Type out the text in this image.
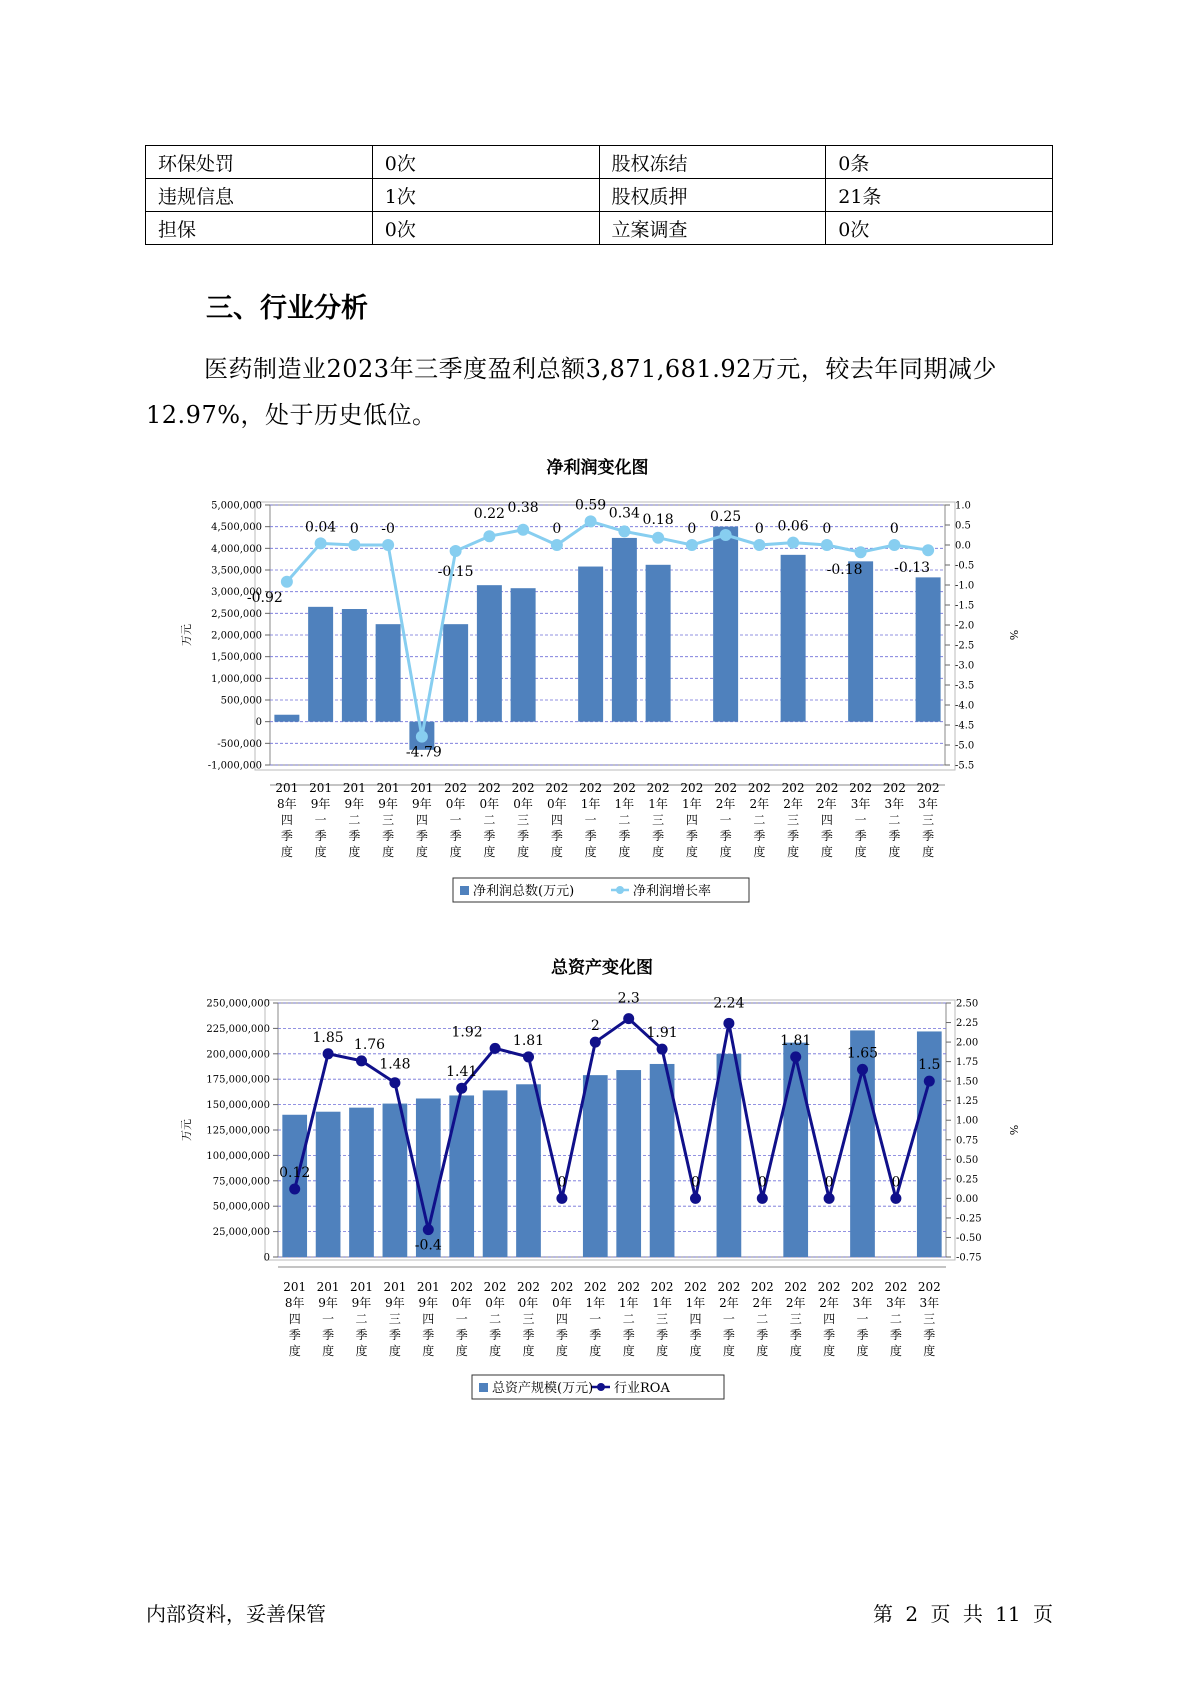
环保处罚	0次	股权冻结	0条
违规信息	1次	股权质押	21条
担保	0次	立案调查	0次
三、行业分析
医药制造业2023年三季度盈利总额3,871,681.92万元，较去年同期减少12.97%，处于历史低位。
净利润变化图
5,000,000
4,500,000
4,000,000
3,500,000
3,000,000
2,500,000
2,000,000
1,500,000
1,000,000
500,000
0
-500,000
-1,000,000
1.0
0.5
0.0
-0.5
-1.0
-1.5
-2.0
-2.5
-3.0
-3.5
-4.0
-4.5
-5.0
-5.5
万元	%
-0.92
0.04 0 -0
-4.79
-0.15
0.22 0.38
0
0.59 0.34 0.18
0
0.25
0 0.06 0
-0.18
0
-0.13
201
8年
四
季
度
201
9年
一
季
度
201
9年
二
季
度
201
9年
三
季
度
201
9年
四
季
度
202
0年
一
季
度
202
0年
二
季
度
202
0年
三
季
度
202
0年
四
季
度
202
1年
一
季
度
202
1年
二
季
度
202
1年
三
季
度
202
1年
四
季
度
202
2年
一
季
度
202
2年
二
季
度
202
2年
三
季
度
202
2年
四
季
度
202
3年
一
季
度
202
3年
二
季
度
202
3年
三
季
度
净利润总数(万元)	净利润增长率
总资产变化图
250,000,000
225,000,000
200,000,000
175,000,000
150,000,000
125,000,000
100,000,000
75,000,000
50,000,000
25,000,000
0
2.50
2.25
2.00
1.75
1.50
1.25
1.00
0.75
0.50
0.25
0.00
-0.25
-0.50
-0.75
万元	%
0.12
1.85 1.76
1.48
-0.4
1.41
1.92
1.81
0
2
2.3
1.91
0
2.24
0
1.81
0
1.65
0
1.5
201
8年
四
季
度
201
9年
一
季
度
201
9年
二
季
度
201
9年
三
季
度
201
9年
四
季
度
202
0年
一
季
度
202
0年
二
季
度
202
0年
三
季
度
202
0年
四
季
度
202
1年
一
季
度
202
1年
二
季
度
202
1年
三
季
度
202
1年
四
季
度
202
2年
一
季
度
202
2年
二
季
度
202
2年
三
季
度
202
2年
四
季
度
202
3年
一
季
度
202
3年
二
季
度
202
3年
三
季
度
总资产规模(万元) 行业ROA
内部资料，妥善保管	第 2 页 共 11 页
